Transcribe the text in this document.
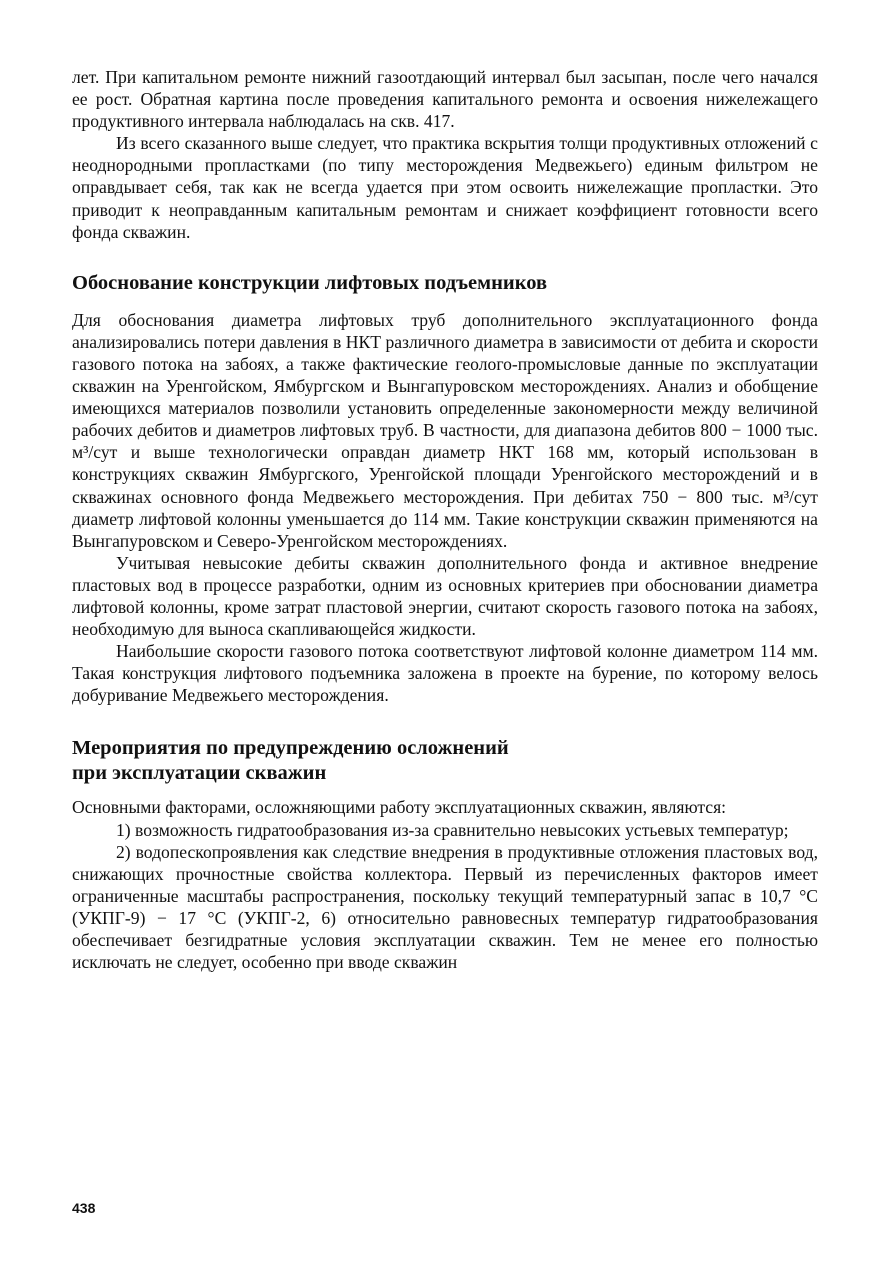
лет. При капитальном ремонте нижний газоотдающий интервал был засыпан, после чего начался ее рост. Обратная картина после проведения капитального ремонта и освоения нижележащего продуктивного интервала наблюдалась на скв. 417.

Из всего сказанного выше следует, что практика вскрытия толщи продуктивных отложений с неоднородными пропластками (по типу месторождения Медвежьего) единым фильтром не оправдывает себя, так как не всегда удается при этом освоить нижележащие пропластки. Это приводит к неоправданным капитальным ремонтам и снижает коэффициент готовности всего фонда скважин.

Обоснование конструкции лифтовых подъемников

Для обоснования диаметра лифтовых труб дополнительного эксплуатационного фонда анализировались потери давления в НКТ различного диаметра в зависимости от дебита и скорости газового потока на забоях, а также фактические геолого-промысловые данные по эксплуатации скважин на Уренгойском, Ямбургском и Вынгапуровском месторождениях. Анализ и обобщение имеющихся материалов позволили установить определенные закономерности между величиной рабочих дебитов и диаметров лифтовых труб. В частности, для диапазона дебитов 800 − 1000 тыс. м³/сут и выше технологически оправдан диаметр НКТ 168 мм, который использован в конструкциях скважин Ямбургского, Уренгойской площади Уренгойского месторождений и в скважинах основного фонда Медвежьего месторождения. При дебитах 750 − 800 тыс. м³/сут диаметр лифтовой колонны уменьшается до 114 мм. Такие конструкции скважин применяются на Вынгапуровском и Северо-Уренгойском месторождениях.

Учитывая невысокие дебиты скважин дополнительного фонда и активное внедрение пластовых вод в процессе разработки, одним из основных критериев при обосновании диаметра лифтовой колонны, кроме затрат пластовой энергии, считают скорость газового потока на забоях, необходимую для выноса скапливающейся жидкости.

Наибольшие скорости газового потока соответствуют лифтовой колонне диаметром 114 мм. Такая конструкция лифтового подъемника заложена в проекте на бурение, по которому велось добуривание Медвежьего месторождения.

Мероприятия по предупреждению осложнений
при эксплуатации скважин

Основными факторами, осложняющими работу эксплуатационных скважин, являются:

1) возможность гидратообразования из-за сравнительно невысоких устьевых температур;

2) водопескопроявления как следствие внедрения в продуктивные отложения пластовых вод, снижающих прочностные свойства коллектора. Первый из перечисленных факторов имеет ограниченные масштабы распространения, поскольку текущий температурный запас в 10,7 °С (УКПГ-9) − 17 °С (УКПГ-2, 6) относительно равновесных температур гидратообразования обеспечивает безгидратные условия эксплуатации скважин. Тем не менее его полностью исключать не следует, особенно при вводе скважин

438
